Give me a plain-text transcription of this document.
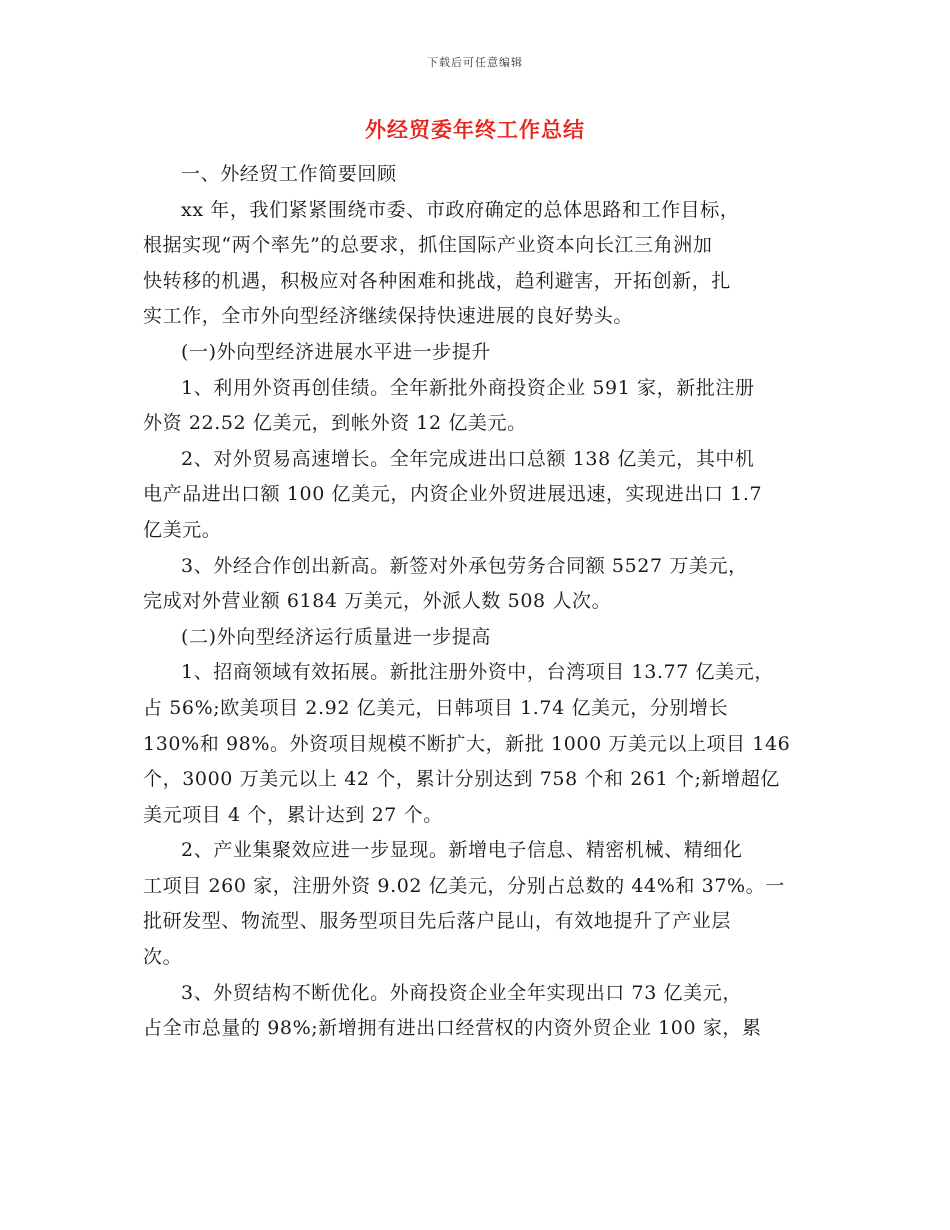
下载后可任意编辑
外经贸委年终工作总结

一、外经贸工作简要回顾

xx 年，我们紧紧围绕市委、市政府确定的总体思路和工作目标，
根据实现“两个率先”的总要求，抓住国际产业资本向长江三角洲加
快转移的机遇，积极应对各种困难和挑战，趋利避害，开拓创新，扎
实工作，全市外向型经济继续保持快速进展的良好势头。

(一)外向型经济进展水平进一步提升

1、利用外资再创佳绩。全年新批外商投资企业 591 家，新批注册
外资 22.52 亿美元，到帐外资 12 亿美元。

2、对外贸易高速增长。全年完成进出口总额 138 亿美元，其中机
电产品进出口额 100 亿美元，内资企业外贸进展迅速，实现进出口 1.7
亿美元。

3、外经合作创出新高。新签对外承包劳务合同额 5527 万美元，
完成对外营业额 6184 万美元，外派人数 508 人次。

(二)外向型经济运行质量进一步提高

1、招商领域有效拓展。新批注册外资中，台湾项目 13.77 亿美元，
占 56%;欧美项目 2.92 亿美元，日韩项目 1.74 亿美元，分别增长
130%和 98%。外资项目规模不断扩大，新批 1000 万美元以上项目 146
个，3000 万美元以上 42 个，累计分别达到 758 个和 261 个;新增超亿
美元项目 4 个，累计达到 27 个。

2、产业集聚效应进一步显现。新增电子信息、精密机械、精细化
工项目 260 家，注册外资 9.02 亿美元，分别占总数的 44%和 37%。一
批研发型、物流型、服务型项目先后落户昆山，有效地提升了产业层
次。

3、外贸结构不断优化。外商投资企业全年实现出口 73 亿美元，
占全市总量的 98%;新增拥有进出口经营权的内资外贸企业 100 家，累
